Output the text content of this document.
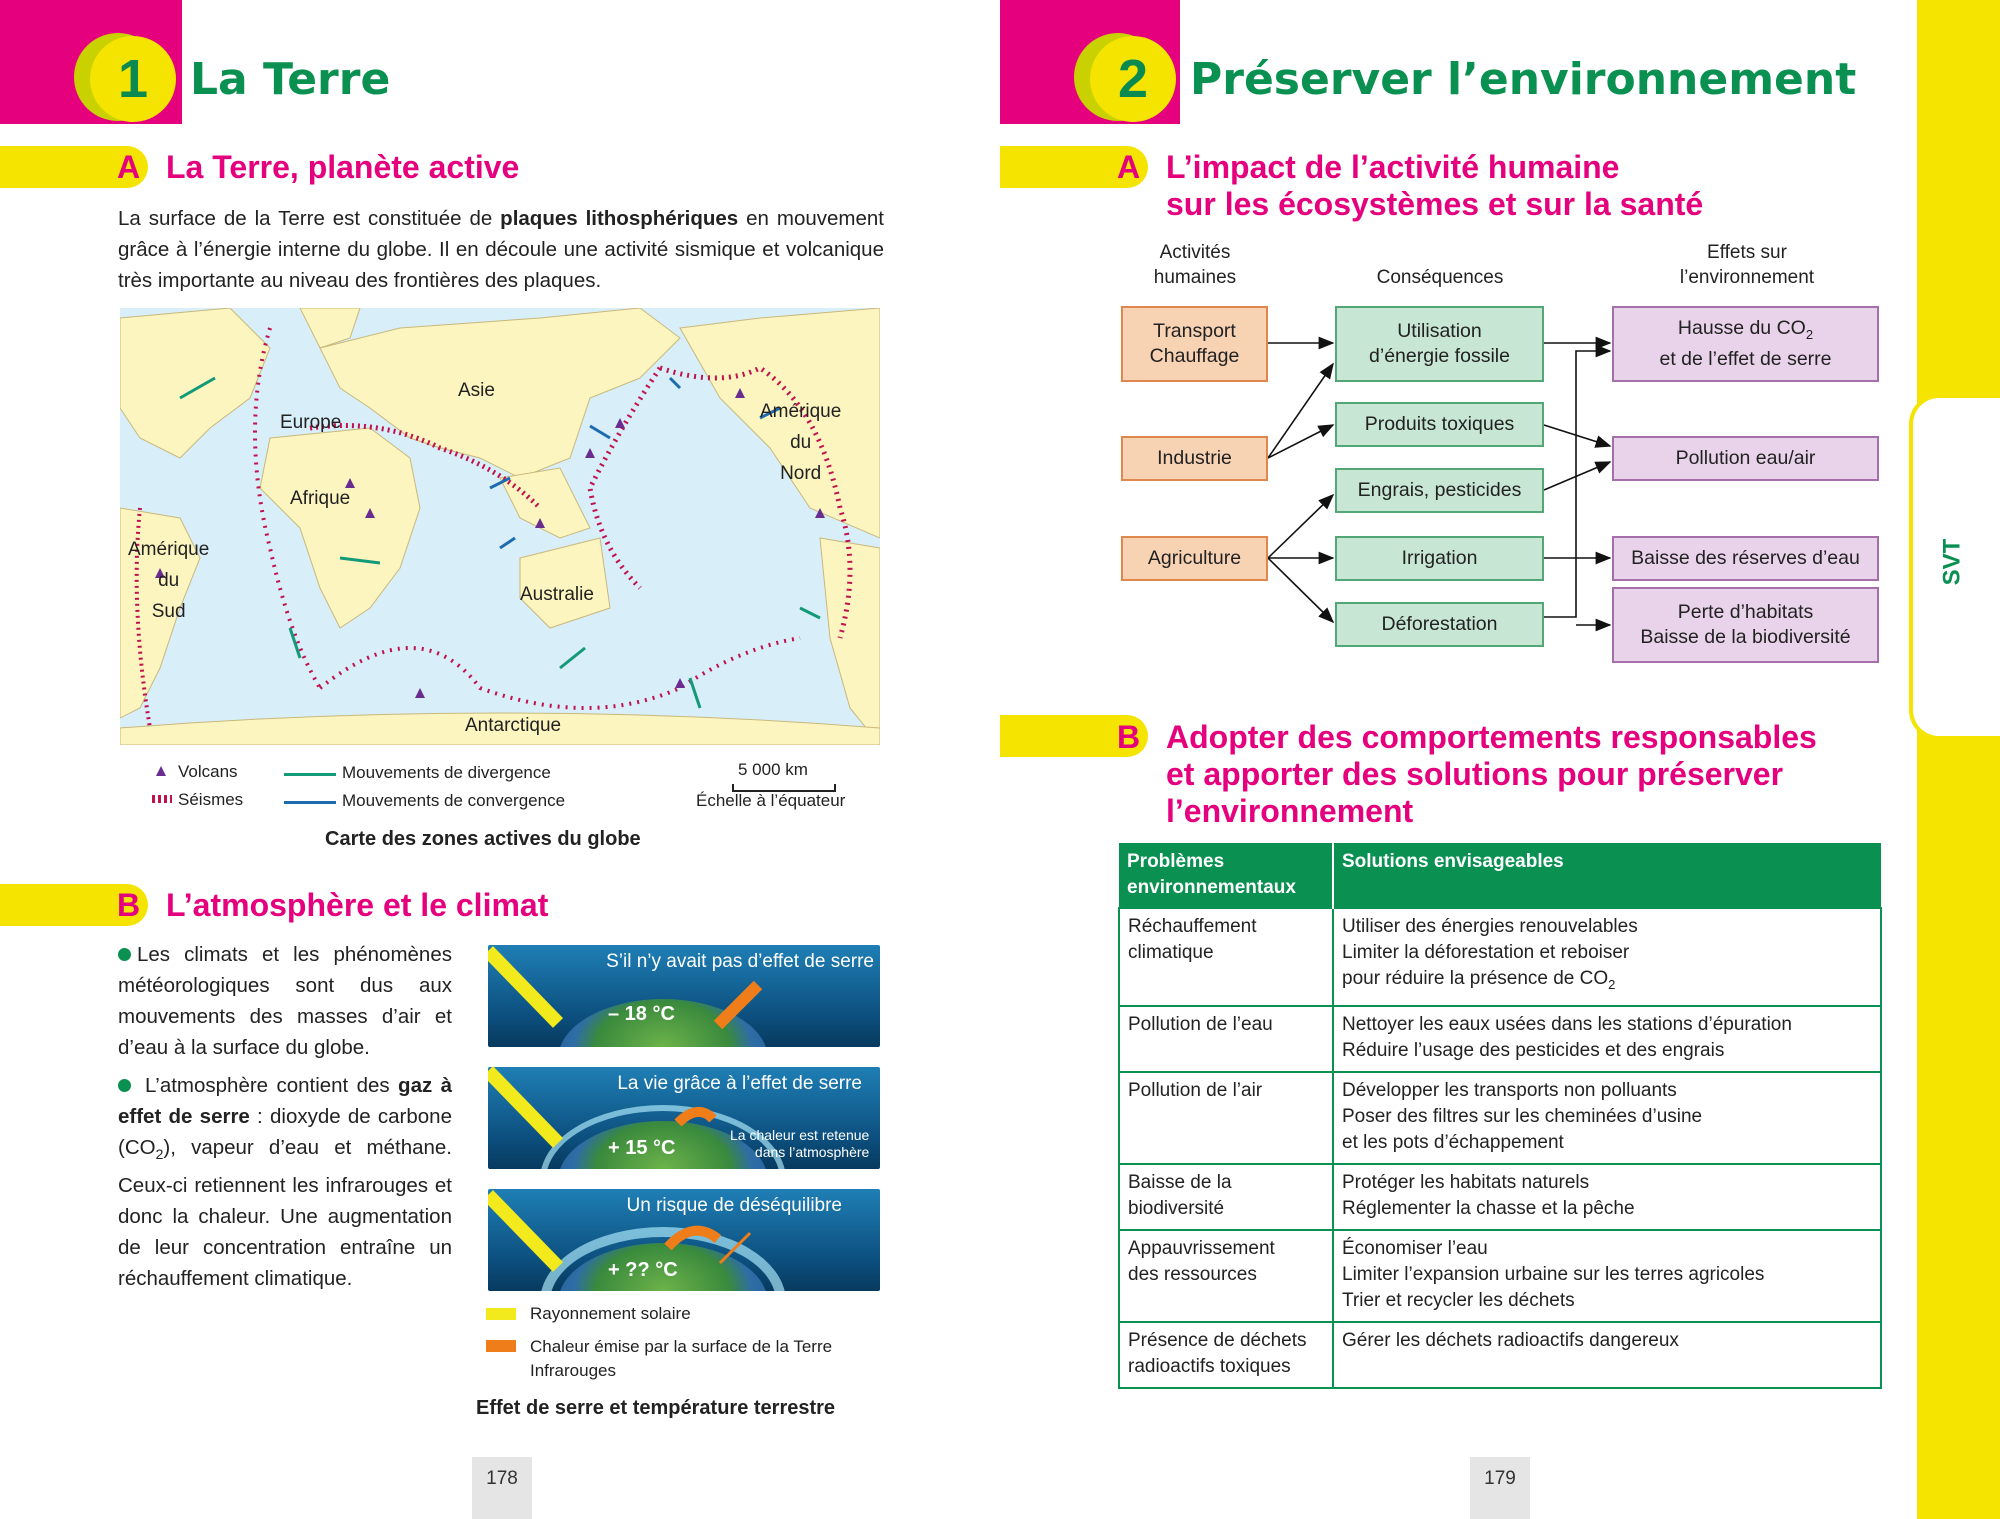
1 La Terre
A La Terre, planète active
La surface de la Terre est constituée de plaques lithosphériques en mouvement grâce à l’énergie interne du globe. Il en découle une activité sismique et volcanique très importante au niveau des frontières des plaques.
Asie
Europe
Afrique
Amérique
du
Nord
Amérique
du
Sud
Australie
Antarctique
Volcans
Séismes
Mouvements de divergence
Mouvements de convergence
5 000 km
Échelle à l’équateur
Carte des zones actives du globe
B L’atmosphère et le climat
Les climats et les phénomènes météorologiques sont dus aux mouvements des masses d’air et d’eau à la surface du globe.
L’atmosphère contient des gaz à effet de serre : dioxyde de carbone $(CO_2)$, vapeur d’eau et méthane. Ceux-ci retiennent les infrarouges et donc la chaleur. Une augmentation de leur concentration entraîne un réchauffement climatique.
– 18 °C
S’il n’y avait pas d’effet de serre
+ 15 °C
La vie grâce à l’effet de serre
La chaleur est retenue
dans l’atmosphère
+ ?? °C
Un risque de déséquilibre
Rayonnement solaire
Chaleur émise par la surface de la Terre
Infrarouges
Effet de serre et température terrestre
178
2 Préserver l’environnement
A L’impact de l’activité humaine
sur les écosystèmes et sur la santé
Activités
humaines	Conséquences
Effets sur
l’environnement
Transport
Chauffage
Industrie
Agriculture
Utilisation
d’énergie fossile
Produits toxiques
Engrais, pesticides
Irrigation
Déforestation
Hausse du $CO_2$
et de l’effet de serre
Pollution eau/air
Baisse des réserves d’eau
Perte d’habitats
Baisse de la biodiversité
B Adopter des comportements responsables
et apporter des solutions pour préserver
l’environnement
Problèmes
environnementaux	Solutions envisageables
Réchauffement
climatique	Utiliser des énergies renouvelables
Limiter la déforestation et reboiser
pour réduire la présence de $CO_2$
Pollution de l’eau	Nettoyer les eaux usées dans les stations d’épuration
Réduire l’usage des pesticides et des engrais
Pollution de l’air	Développer les transports non polluants
Poser des filtres sur les cheminées d’usine
et les pots d’échappement
Baisse de la
biodiversité	Protéger les habitats naturels
Réglementer la chasse et la pêche
Appauvrissement
des ressources	Économiser l’eau
Limiter l’expansion urbaine sur les terres agricoles
Trier et recycler les déchets
Présence de déchets
radioactifs toxiques	Gérer les déchets radioactifs dangereux
179
SVT
